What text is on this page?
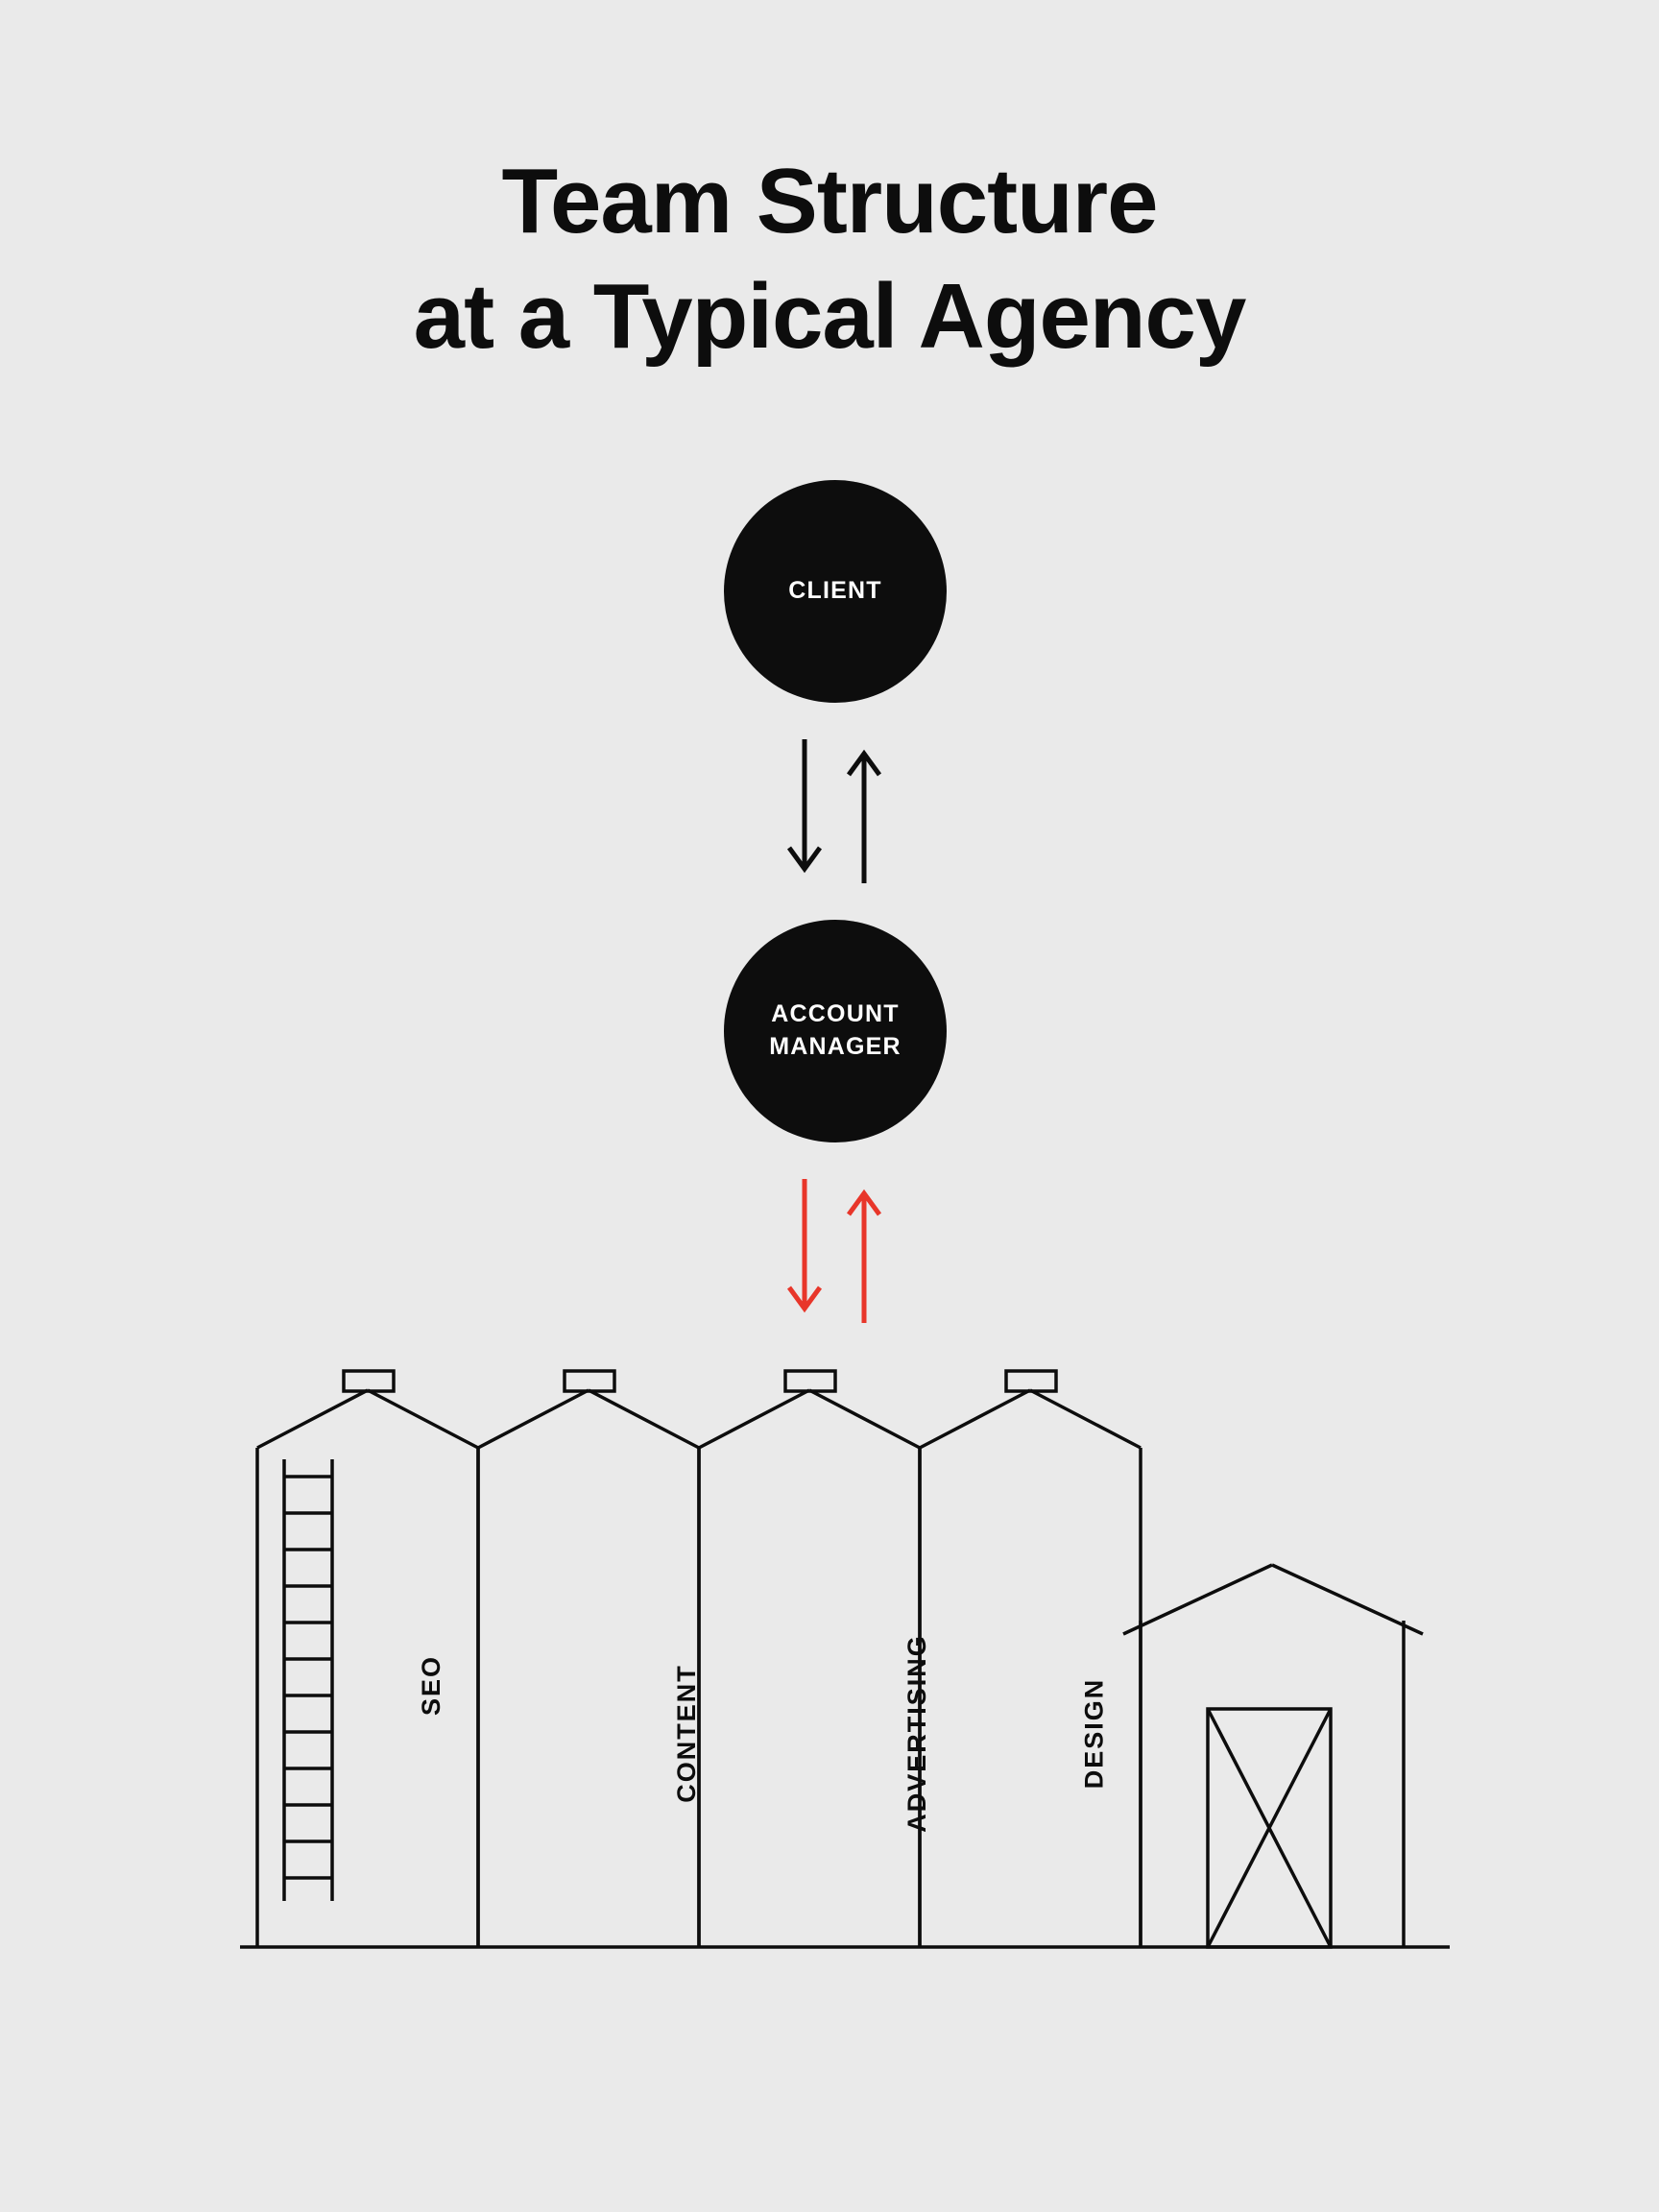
Team Structure
at a Typical Agency
CLIENT
ACCOUNT
MANAGER
SEO	CONTENT	ADVERTISING	DESIGN
